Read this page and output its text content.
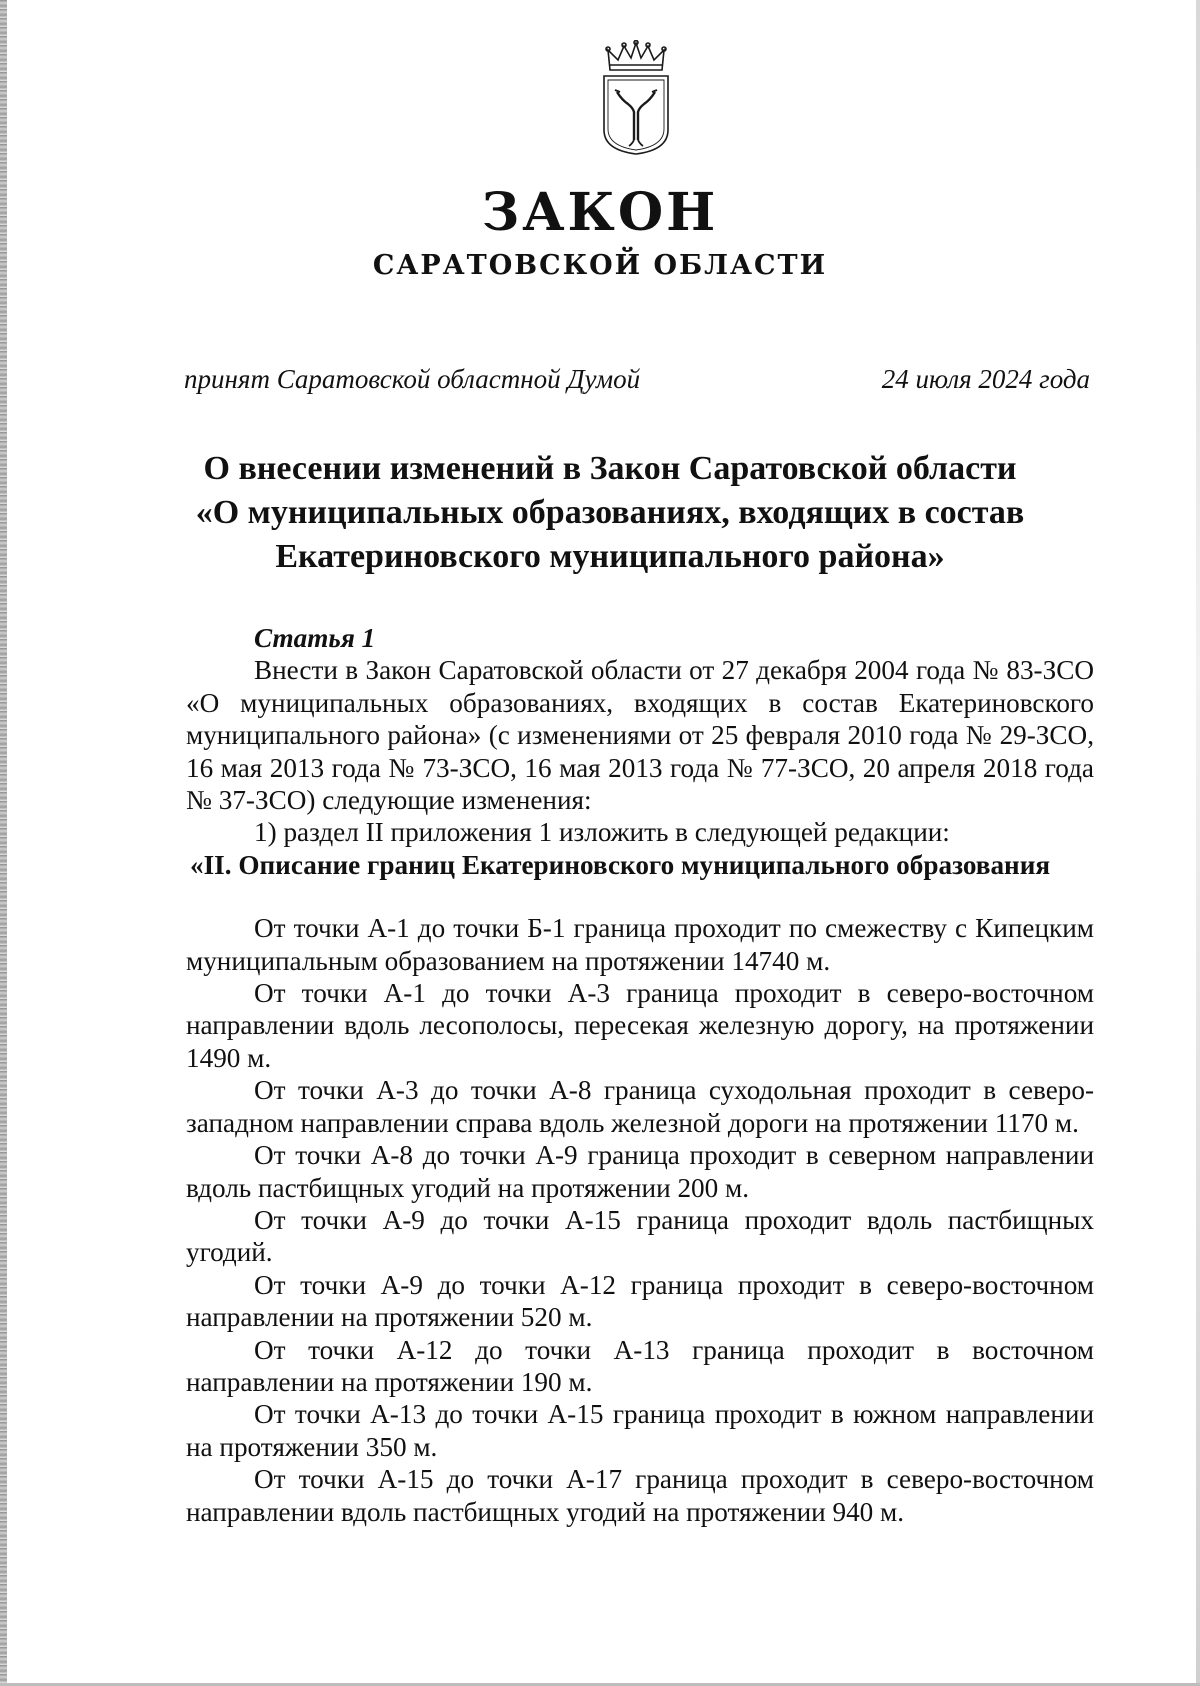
ЗАКОН
САРАТОВСКОЙ ОБЛАСТИ
принят Саратовской областной Думой	24 июля 2024 года
О внесении изменений в Закон Саратовской области
«О муниципальных образованиях, входящих в состав
Екатериновского муниципального района»
Статья 1

Внести в Закон Саратовской области от 27 декабря 2004 года № 83-ЗСО «О муниципальных образованиях, входящих в состав Екатериновского муниципального района» (с изменениями от 25 февраля 2010 года № 29-ЗСО, 16 мая 2013 года № 73-ЗСО, 16 мая 2013 года № 77-ЗСО, 20 апреля 2018 года № 37-ЗСО) следующие изменения:

1) раздел II приложения 1 изложить в следующей редакции:

«II. Описание границ Екатериновского муниципального образования

От точки А-1 до точки Б-1 граница проходит по смежеству с Кипецким муниципальным образованием на протяжении 14740 м.

От точки А-1 до точки А-3 граница проходит в северо-восточном направлении вдоль лесополосы, пересекая железную дорогу, на протяжении 1490 м.

От точки А-3 до точки А-8 граница суходольная проходит в северо-западном направлении справа вдоль железной дороги на протяжении 1170 м.

От точки А-8 до точки А-9 граница проходит в северном направлении вдоль пастбищных угодий на протяжении 200 м.

От точки А-9 до точки А-15 граница проходит вдоль пастбищных угодий.

От точки А-9 до точки А-12 граница проходит в северо-восточном направлении на протяжении 520 м.

От точки А-12 до точки А-13 граница проходит в восточном направлении на протяжении 190 м.

От точки А-13 до точки А-15 граница проходит в южном направлении на протяжении 350 м.

От точки А-15 до точки А-17 граница проходит в северо-восточном направлении вдоль пастбищных угодий на протяжении 940 м.
